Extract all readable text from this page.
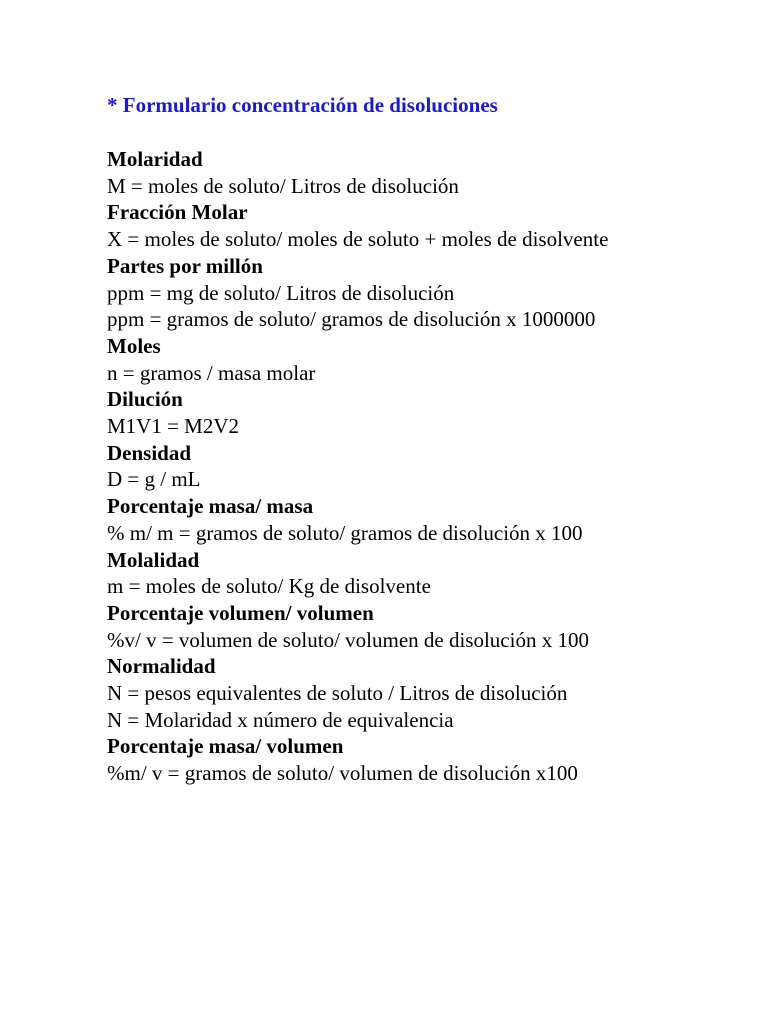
* Formulario concentración de disoluciones
Molaridad
M = moles de soluto/ Litros de disolución
Fracción Molar
X = moles de soluto/ moles de soluto + moles de disolvente
Partes por millón
ppm = mg de soluto/ Litros de disolución
ppm = gramos de soluto/ gramos de disolución x 1000000
Moles
n = gramos / masa molar
Dilución
M1V1 = M2V2
Densidad
D = g / mL
Porcentaje masa/ masa
% m/ m = gramos de soluto/ gramos de disolución x 100
Molalidad
m = moles de soluto/ Kg de disolvente
Porcentaje volumen/ volumen
%v/ v = volumen de soluto/ volumen de disolución x 100
Normalidad
N = pesos equivalentes de soluto / Litros de disolución
N = Molaridad x número de equivalencia
Porcentaje masa/ volumen
%m/ v = gramos de soluto/ volumen de disolución x100
